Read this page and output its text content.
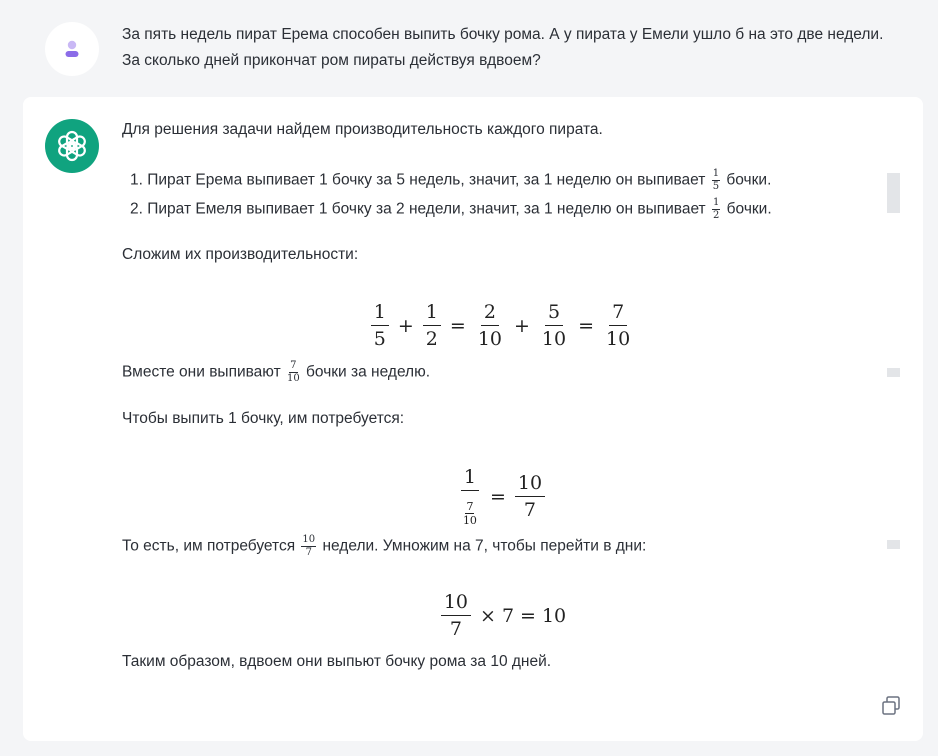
За пять недель пират Ерема способен выпить бочку рома. А у пирата у Емели ушло б на это две недели. За сколько дней прикончат ром пираты действуя вдвоем?
Для решения задачи найдем производительность каждого пирата.
1. Пират Ерема выпивает 1 бочку за 5 недель, значит, за 1 неделю он выпивает $\frac{1}{5}$ бочки.
2. Пират Емеля выпивает 1 бочку за 2 недели, значит, за 1 неделю он выпивает $\frac{1}{2}$ бочки.
Сложим их производительности:
$\frac{1}{5} + \frac{1}{2} = \frac{2}{10} + \frac{5}{10} = \frac{7}{10}$
Вместе они выпивают $\frac{7}{10}$ бочки за неделю.
Чтобы выпить 1 бочку, им потребуется:
$\frac{1}{\frac{7}{10}} = \frac{10}{7}$
То есть, им потребуется $\frac{10}{7}$ недели. Умножим на 7, чтобы перейти в дни:
$\frac{10}{7} \times 7 = 10$
Таким образом, вдвоем они выпьют бочку рома за 10 дней.
